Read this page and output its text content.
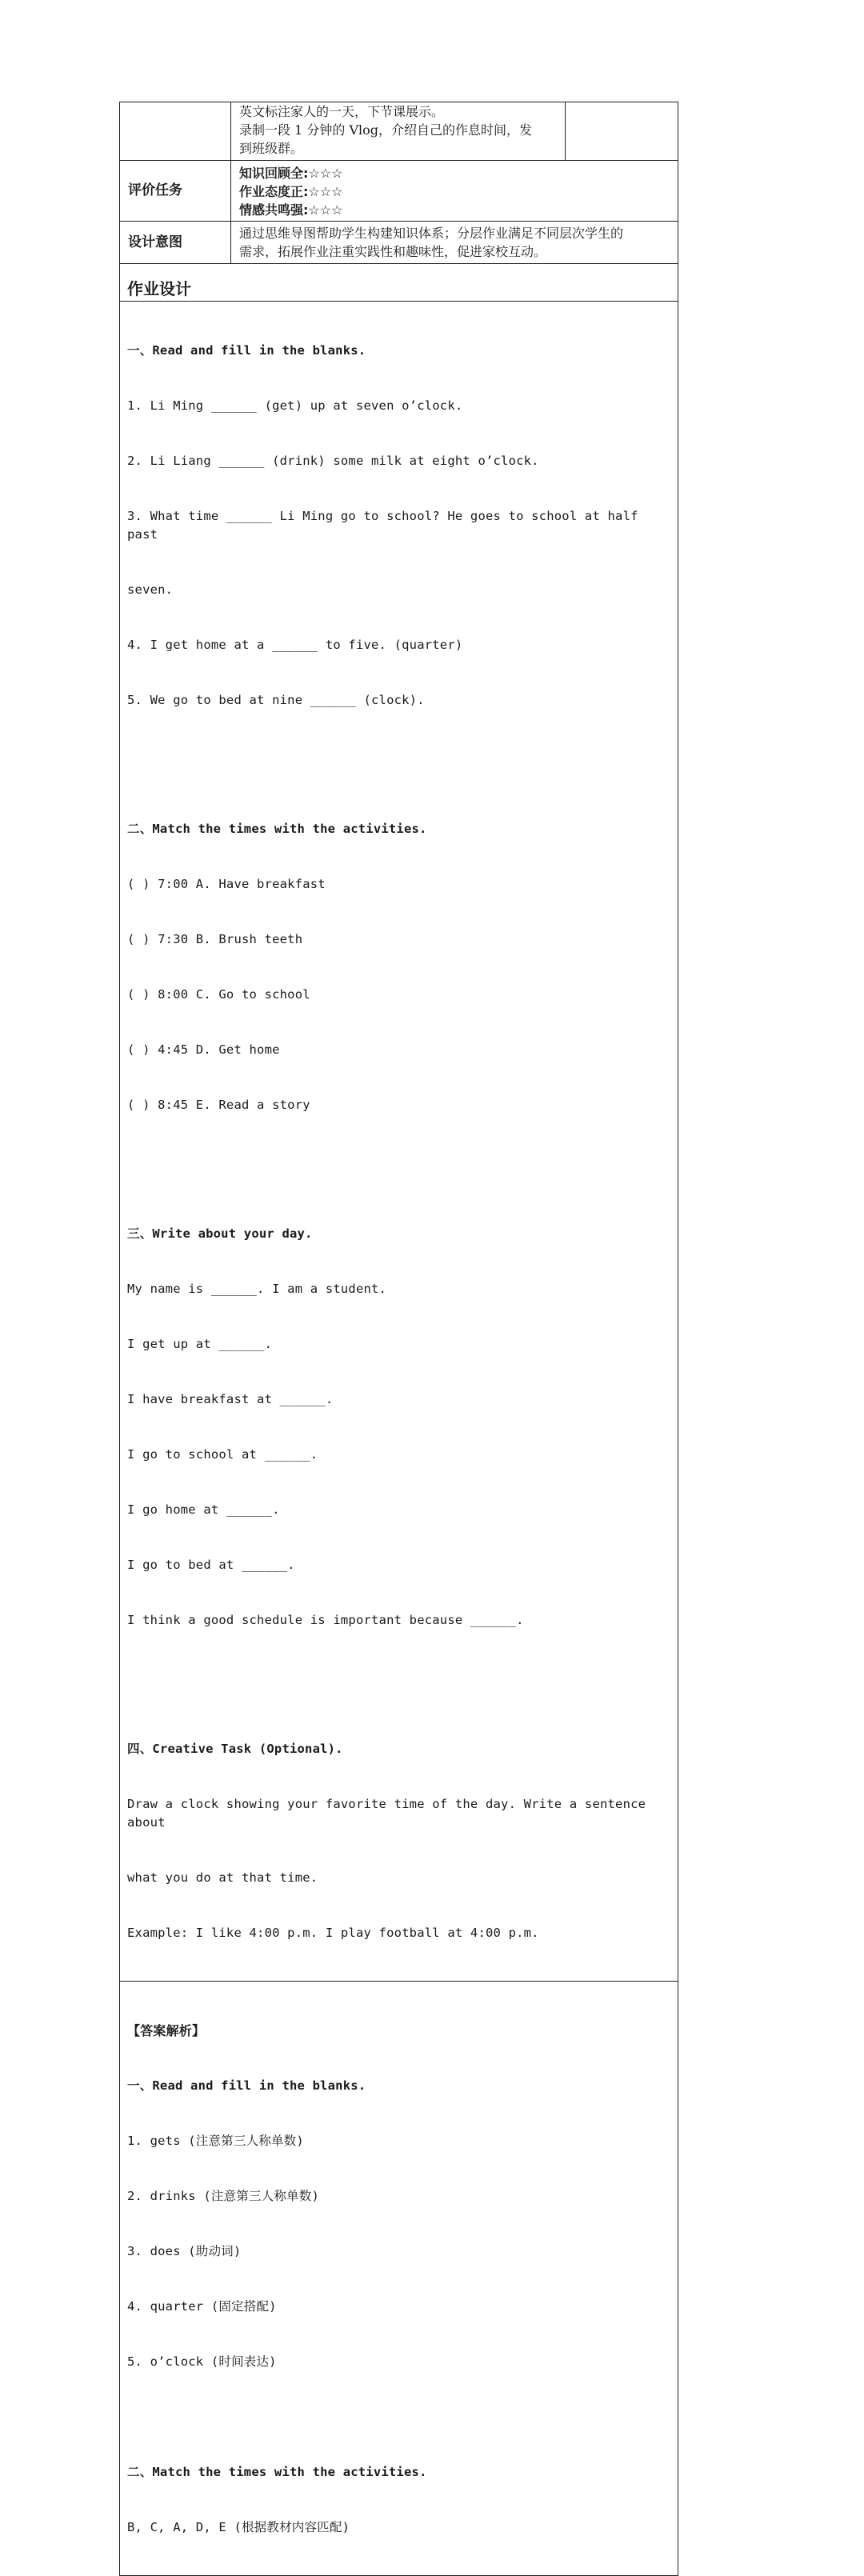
英文标注家人的一天，下节课展示。
录制一段 1 分钟的 Vlog，介绍自己的作息时间，发
到班级群。
评价任务
知识回顾全:☆☆☆
作业态度正:☆☆☆
情感共鸣强:☆☆☆
设计意图
通过思维导图帮助学生构建知识体系；分层作业满足不同层次学生的
需求，拓展作业注重实践性和趣味性，促进家校互动。
作业设计

一、Read and fill in the blanks.

1. Li Ming ______ (get) up at seven o’clock.

2. Li Liang ______ (drink) some milk at eight o’clock.

3. What time ______ Li Ming go to school? He goes to school at half past

seven.

4. I get home at a ______ to five. (quarter)

5. We go to bed at nine ______ (clock).

二、Match the times with the activities.

( ) 7:00 A. Have breakfast

( ) 7:30 B. Brush teeth

( ) 8:00 C. Go to school

( ) 4:45 D. Get home

( ) 8:45 E. Read a story

三、Write about your day.

My name is ______. I am a student.

I get up at ______.

I have breakfast at ______.

I go to school at ______.

I go home at ______.

I go to bed at ______.

I think a good schedule is important because ______.

四、Creative Task (Optional).

Draw a clock showing your favorite time of the day. Write a sentence about

what you do at that time.

Example: I like 4:00 p.m. I play football at 4:00 p.m.

【答案解析】

一、Read and fill in the blanks.

1. gets (注意第三人称单数)

2. drinks (注意第三人称单数)

3. does (助动词)

4. quarter (固定搭配)

5. o’clock (时间表达)

二、Match the times with the activities.

B, C, A, D, E (根据教材内容匹配)
